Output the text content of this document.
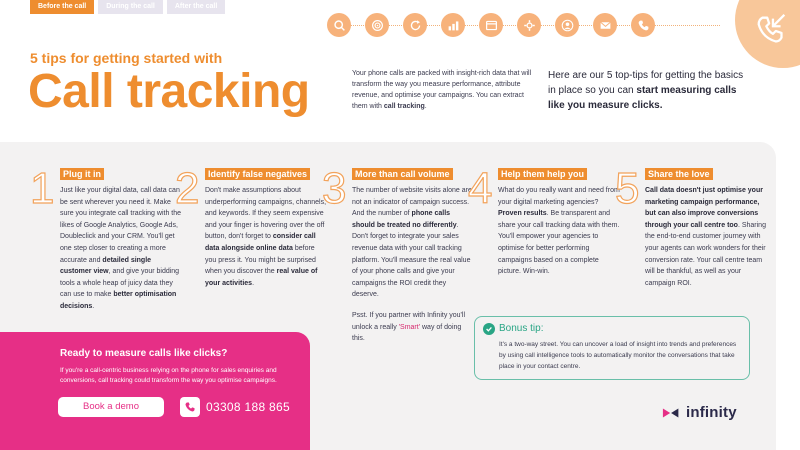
Before the call	During the call	After the call
5 tips for getting started with
Call tracking	Your phone calls are packed with insight-rich data that will transform the way you measure performance, attribute revenue, and optimise your campaigns. You can extract them with call tracking.

Here are our 5 top-tips for getting the basics in place so you can start measuring calls like you measure clicks.

1 Plug it in

Just like your digital data, call data can be sent wherever you need it. Make sure you integrate call tracking with the likes of Google Analytics, Google Ads, Doubleclick and your CRM. You'll get one step closer to creating a more accurate and detailed single customer view, and give your bidding tools a whole heap of juicy data they can use to make better optimisation decisions.

2 Identify false negatives

Don't make assumptions about underperforming campaigns, channels, and keywords. If they seem expensive and your finger is hovering over the off button, don't forget to consider call data alongside online data before you press it. You might be surprised when you discover the real value of your activities.

3 More than call volume

The number of website visits alone are not an indicator of campaign success. And the number of phone calls should be treated no differently. Don't forget to integrate your sales revenue data with your call tracking platform. You'll measure the real value of your phone calls and give your campaigns the ROI credit they deserve.

Psst. If you partner with Infinity you'll unlock a really 'Smart' way of doing this.

4 Help them help you

What do you really want and need from your digital marketing agencies? Proven results. Be transparent and share your call tracking data with them. You'll empower your agencies to optimise for better performing campaigns based on a complete picture. Win-win.

5 Share the love

Call data doesn't just optimise your marketing campaign performance, but can also improve conversions through your call centre too. Sharing the end-to-end customer journey with your agents can work wonders for their conversion rate. Your call centre team will be thankful, as well as your campaign ROI.

Ready to measure calls like clicks?

If you're a call-centric business relying on the phone for sales enquiries and conversions, call tracking could transform the way you optimise campaigns.

Book a demo	03308 188 865
Bonus tip:

It's a two-way street. You can uncover a load of insight into trends and preferences by using call intelligence tools to automatically monitor the conversations that take place in your contact centre.

infinity
